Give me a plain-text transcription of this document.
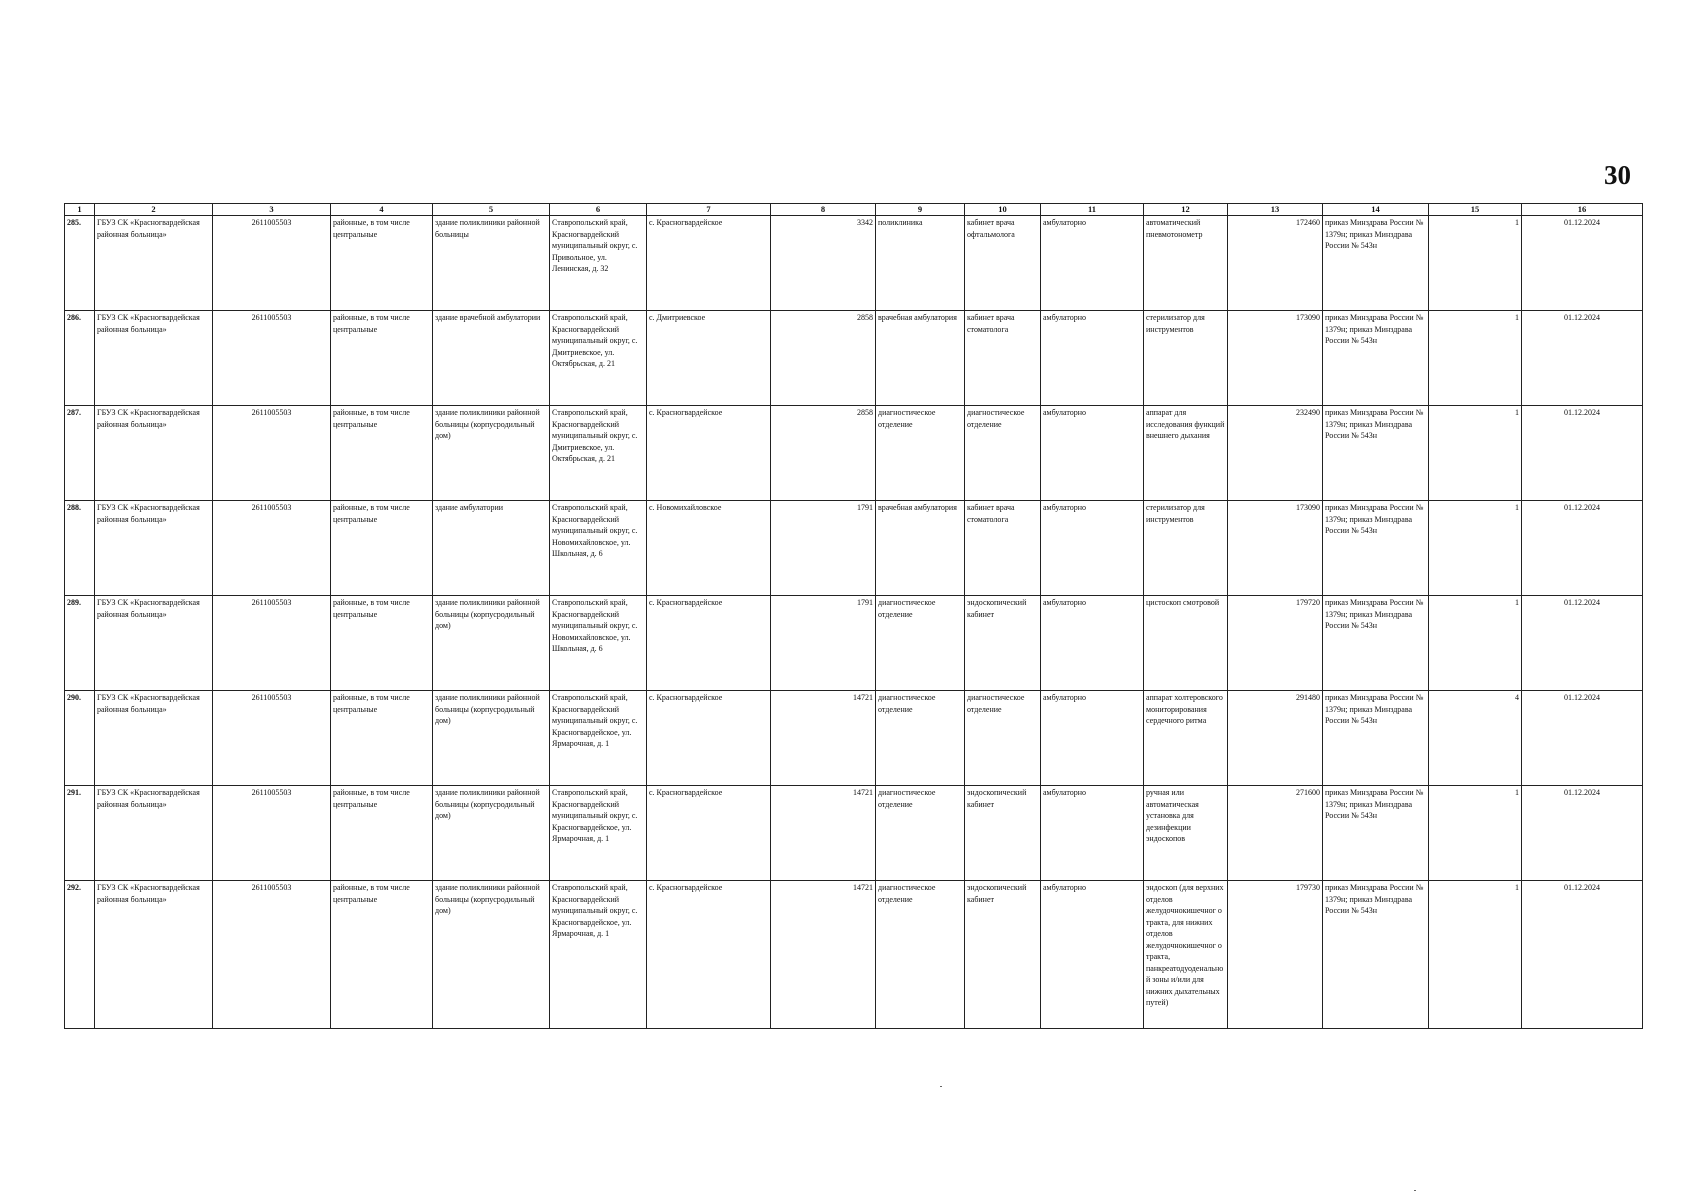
30
1	2	3	4	5	6	7	8	9	10	11	12	13	14	15	16
285.	ГБУЗ СК «Красногвардейская районная больница»	2611005503	районные, в том числе центральные	здание поликлиники районной больницы	Ставропольский край, Красногвардейский муниципальный округ, с. Привольное, ул. Ленинская, д. 32	с. Красногвардейское	3342	поликлиника	кабинет врача офтальмолога	амбулаторно	автоматический пневмотонометр	172460	приказ Минздрава России № 1379н; приказ Минздрава России № 543н	1	01.12.2024
286.	ГБУЗ СК «Красногвардейская районная больница»	2611005503	районные, в том числе центральные	здание врачебной амбулатории	Ставропольский край, Красногвардейский муниципальный округ, с. Дмитриевское, ул. Октябрьская, д. 21	с. Дмитриевское	2858	врачебная амбулатория	кабинет врача стоматолога	амбулаторно	стерилизатор для инструментов	173090	приказ Минздрава России № 1379н; приказ Минздрава России № 543н	1	01.12.2024
287.	ГБУЗ СК «Красногвардейская районная больница»	2611005503	районные, в том числе центральные	здание поликлиники районной больницы (корпусродильный дом)	Ставропольский край, Красногвардейский муниципальный округ, с. Дмитриевское, ул. Октябрьская, д. 21	с. Красногвардейское	2858	диагностическое отделение	диагностическое отделение	амбулаторно	аппарат для исследования функций внешнего дыхания	232490	приказ Минздрава России № 1379н; приказ Минздрава России № 543н	1	01.12.2024
288.	ГБУЗ СК «Красногвардейская районная больница»	2611005503	районные, в том числе центральные	здание амбулатории	Ставропольский край, Красногвардейский муниципальный округ, с. Новомихайловское, ул. Школьная, д. 6	с. Новомихайловское	1791	врачебная амбулатория	кабинет врача стоматолога	амбулаторно	стерилизатор для инструментов	173090	приказ Минздрава России № 1379н; приказ Минздрава России № 543н	1	01.12.2024
289.	ГБУЗ СК «Красногвардейская районная больница»	2611005503	районные, в том числе центральные	здание поликлиники районной больницы (корпусродильный дом)	Ставропольский край, Красногвардейский муниципальный округ, с. Новомихайловское, ул. Школьная, д. 6	с. Красногвардейское	1791	диагностическое отделение	эндоскопический кабинет	амбулаторно	цистоскоп смотровой	179720	приказ Минздрава России № 1379н; приказ Минздрава России № 543н	1	01.12.2024
290.	ГБУЗ СК «Красногвардейская районная больница»	2611005503	районные, в том числе центральные	здание поликлиники районной больницы (корпусродильный дом)	Ставропольский край, Красногвардейский муниципальный округ, с. Красногвардейское, ул. Ярмарочная, д. 1	с. Красногвардейское	14721	диагностическое отделение	диагностическое отделение	амбулаторно	аппарат холтеровского мониторирования сердечного ритма	291480	приказ Минздрава России № 1379н; приказ Минздрава России № 543н	4	01.12.2024
291.	ГБУЗ СК «Красногвардейская районная больница»	2611005503	районные, в том числе центральные	здание поликлиники районной больницы (корпусродильный дом)	Ставропольский край, Красногвардейский муниципальный округ, с. Красногвардейское, ул. Ярмарочная, д. 1	с. Красногвардейское	14721	диагностическое отделение	эндоскопический кабинет	амбулаторно	ручная или автоматическая установка для дезинфекции эндоскопов	271600	приказ Минздрава России № 1379н; приказ Минздрава России № 543н	1	01.12.2024
292.	ГБУЗ СК «Красногвардейская районная больница»	2611005503	районные, в том числе центральные	здание поликлиники районной больницы (корпусродильный дом)	Ставропольский край, Красногвардейский муниципальный округ, с. Красногвардейское, ул. Ярмарочная, д. 1	с. Красногвардейское	14721	диагностическое отделение	эндоскопический кабинет	амбулаторно	эндоскоп (для верхних отделов желудочнокишечног о тракта, для нижних отделов желудочнокишечног о тракта, панкреатодуоденальной зоны и/или для нижних дыхательных путей)	179730	приказ Минздрава России № 1379н; приказ Минздрава России № 543н	1	01.12.2024
